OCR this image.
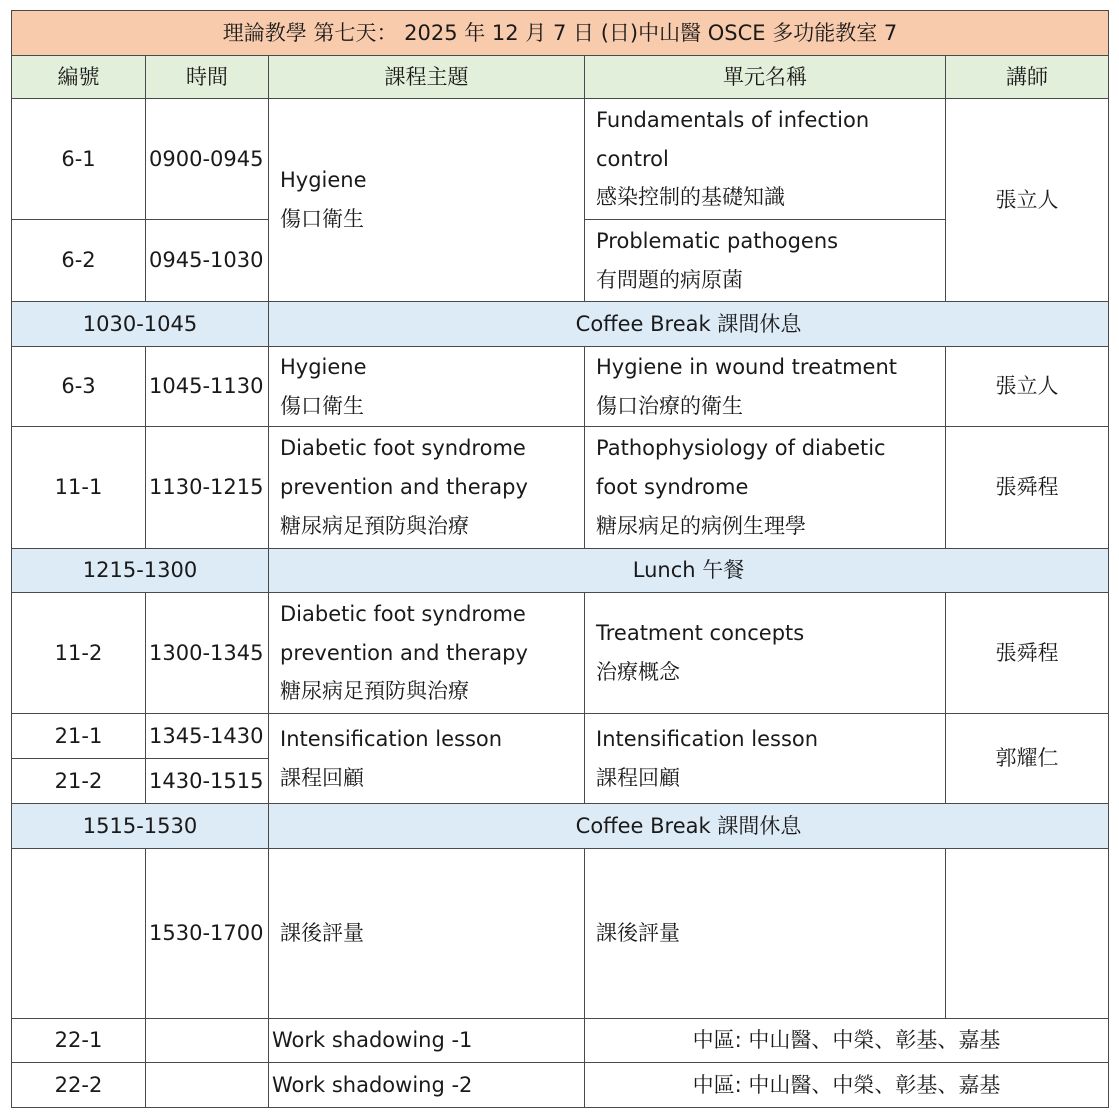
理論教學 第七天： 2025 年 12 月 7 日 (日)中山醫 OSCE 多功能教室 7				
編號	時間	課程主題	單元名稱	講師
6-1	0900-0945	Hygiene
傷口衛生	Fundamentals of infection
control
感染控制的基礎知識	張立人
6-2	0945-1030		Problematic pathogens
有問題的病原菌	

1030-1045		Coffee Break 課間休息		
6-3	1045-1130	Hygiene
傷口衛生	Hygiene in wound treatment
傷口治療的衛生	張立人
11-1	1130-1215	Diabetic foot syndrome
prevention and therapy
糖尿病足預防與治療	Pathophysiology of diabetic
foot syndrome
糖尿病足的病例生理學	張舜程
1215-1300		Lunch 午餐		
11-2	1300-1345	Diabetic foot syndrome
prevention and therapy
糖尿病足預防與治療	Treatment concepts
治療概念	張舜程
21-1	1345-1430	Intensification lesson
課程回顧	Intensification lesson
課程回顧	郭耀仁
21-2	1430-1515			
1515-1530		Coffee Break 課間休息		
	1530-1700	課後評量	課後評量	
22-1		Work shadowing -1	中區: 中山醫、中榮、彰基、嘉基	
22-2		Work shadowing -2	中區: 中山醫、中榮、彰基、嘉基	
